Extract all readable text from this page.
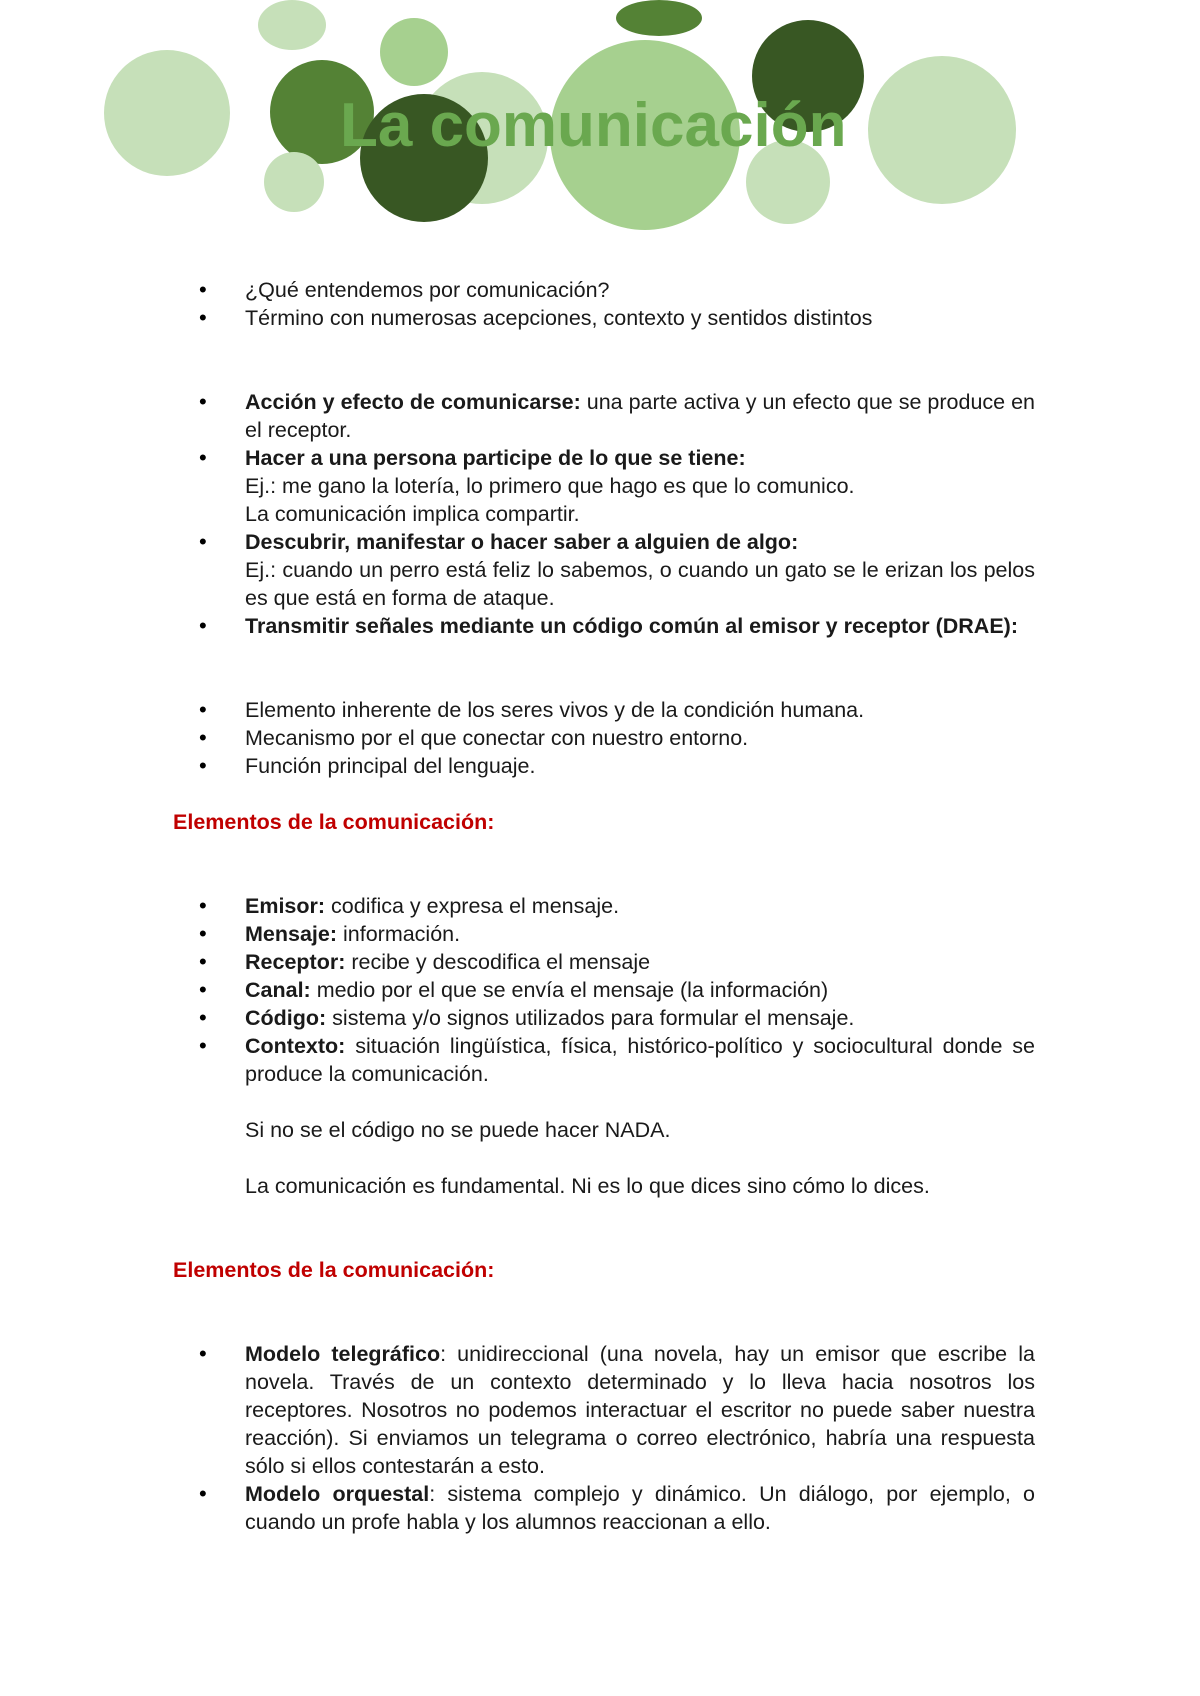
La comunicación
• ¿Qué entendemos por comunicación?
• Término con numerosas acepciones, contexto y sentidos distintos
• Acción y efecto de comunicarse: una parte activa y un efecto que se produce en el receptor.
• Hacer a una persona participe de lo que se tiene:
Ej.: me gano la lotería, lo primero que hago es que lo comunico.
La comunicación implica compartir.
• Descubrir, manifestar o hacer saber a alguien de algo:
Ej.: cuando un perro está feliz lo sabemos, o cuando un gato se le erizan los pelos es que está en forma de ataque.
• Transmitir señales mediante un código común al emisor y receptor (DRAE):
• Elemento inherente de los seres vivos y de la condición humana.
• Mecanismo por el que conectar con nuestro entorno.
• Función principal del lenguaje.
Elementos de la comunicación:
• Emisor: codifica y expresa el mensaje.
• Mensaje: información.
• Receptor: recibe y descodifica el mensaje
• Canal: medio por el que se envía el mensaje (la información)
• Código: sistema y/o signos utilizados para formular el mensaje.
• Contexto: situación lingüística, física, histórico-político y sociocultural donde se produce la comunicación.

Si no se el código no se puede hacer NADA.

La comunicación es fundamental. Ni es lo que dices sino cómo lo dices.

Elementos de la comunicación:
• Modelo telegráfico: unidireccional (una novela, hay un emisor que escribe la novela. Través de un contexto determinado y lo lleva hacia nosotros los receptores. Nosotros no podemos interactuar el escritor no puede saber nuestra reacción). Si enviamos un telegrama o correo electrónico, habría una respuesta sólo si ellos contestarán a esto.
• Modelo orquestal: sistema complejo y dinámico. Un diálogo, por ejemplo, o cuando un profe habla y los alumnos reaccionan a ello.
